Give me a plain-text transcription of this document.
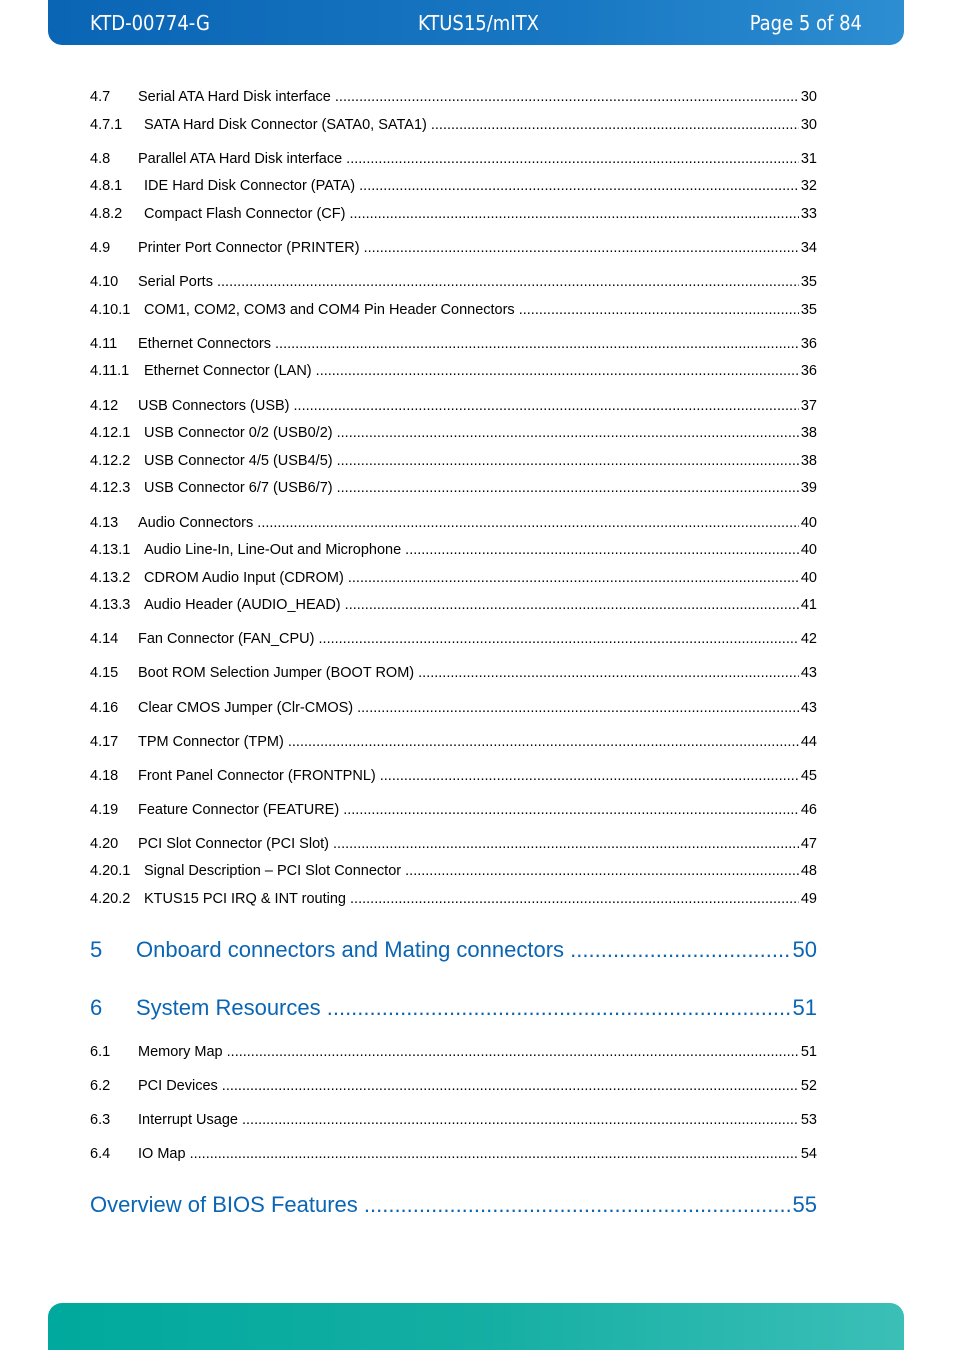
KTD-00774-G	KTUS15/mITX	Page 5 of 84
4.7 Serial ATA Hard Disk interface .....	30
4.7.1 SATA Hard Disk Connector (SATA0, SATA1) .....	30
4.8 Parallel ATA Hard Disk interface .....	31
4.8.1 IDE Hard Disk Connector (PATA) .....	32
4.8.2 Compact Flash Connector (CF) .....	33
4.9 Printer Port Connector (PRINTER) .....	34
4.10 Serial Ports .....	35
4.10.1 COM1, COM2, COM3 and COM4 Pin Header Connectors .....	35
4.11 Ethernet Connectors .....	36
4.11.1 Ethernet Connector (LAN) .....	36
4.12 USB Connectors (USB) .....	37
4.12.1 USB Connector 0/2 (USB0/2) .....	38
4.12.2 USB Connector 4/5 (USB4/5) .....	38
4.12.3 USB Connector 6/7 (USB6/7) .....	39
4.13 Audio Connectors .....	40
4.13.1 Audio Line-In, Line-Out and Microphone .....	40
4.13.2 CDROM Audio Input (CDROM) .....	40
4.13.3 Audio Header (AUDIO_HEAD) .....	41
4.14 Fan Connector (FAN_CPU) .....	42
4.15 Boot ROM Selection Jumper (BOOT ROM) .....	43
4.16 Clear CMOS Jumper (Clr-CMOS) .....	43
4.17 TPM Connector (TPM) .....	44
4.18 Front Panel Connector (FRONTPNL) .....	45
4.19 Feature Connector (FEATURE) .....	46
4.20 PCI Slot Connector (PCI Slot) .....	47
4.20.1 Signal Description – PCI Slot Connector .....	48
4.20.2 KTUS15 PCI IRQ & INT routing .....	49
5 Onboard connectors and Mating connectors .....	50
6 System Resources .....	51
6.1 Memory Map .....	51
6.2 PCI Devices .....	52
6.3 Interrupt Usage .....	53
6.4 IO Map .....	54
Overview of BIOS Features .....	55
